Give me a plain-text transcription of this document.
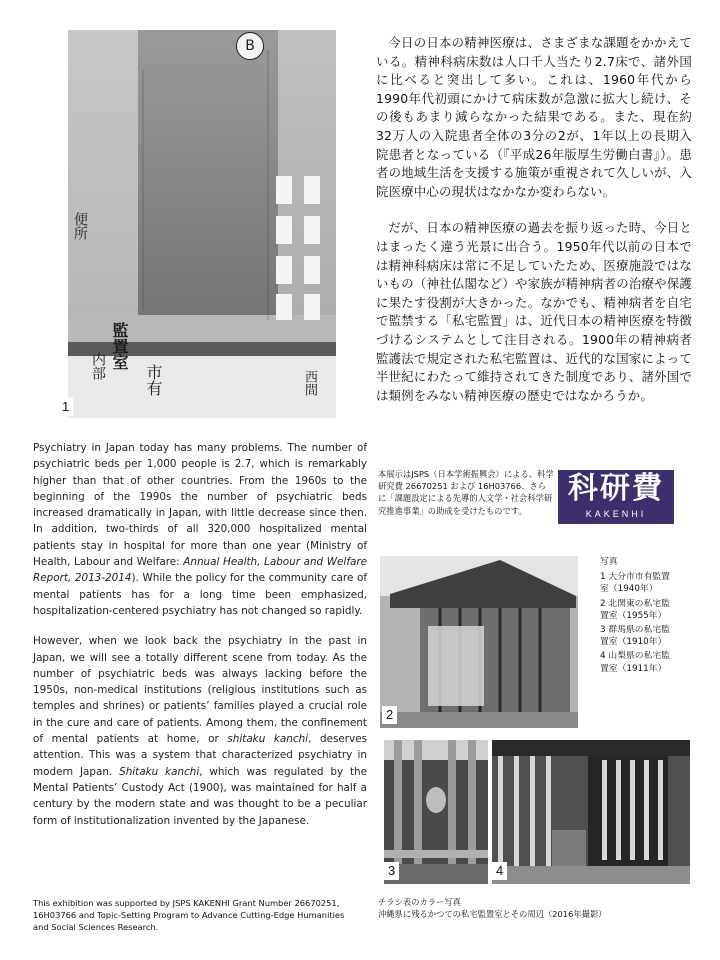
B
便所
監置室
内部 市有	西間
1

今日の日本の精神医療は、さまざまな課題をかかえている。精神科病床数は人口千人当たり2.7床で、諸外国に比べると突出して多い。これは、1960年代から1990年代初頭にかけて病床数が急激に拡大し続け、その後もあまり減らなかった結果である。また、現在約32万人の入院患者全体の3分の2が、1年以上の長期入院患者となっている（『平成26年版厚生労働白書』）。患者の地域生活を支援する施策が重視されて久しいが、入院医療中心の現状はなかなか変わらない。

だが、日本の精神医療の過去を振り返った時、今日とはまったく違う光景に出合う。1950年代以前の日本では精神科病床は常に不足していたため、医療施設ではないもの（神社仏閣など）や家族が精神病者の治療や保護に果たす役割が大きかった。なかでも、精神病者を自宅で監禁する「私宅監置」は、近代日本の精神医療を特徴づけるシステムとして注目される。1900年の精神病者監護法で規定された私宅監置は、近代的な国家によって半世紀にわたって維持されてきた制度であり、諸外国では類例をみない精神医療の歴史ではなかろうか。

Psychiatry in Japan today has many problems. The number of psychiatric beds per 1,000 people is 2.7, which is remarkably higher than that of other countries. From the 1960s to the beginning of the 1990s the number of psychiatric beds increased dramatically in Japan, with little decrease since then. In addition, two-thirds of all 320,000 hospitalized mental patients stay in hospital for more than one year (Ministry of Health, Labour and Welfare: Annual Health, Labour and Welfare Report, 2013-2014). While the policy for the community care of mental patients has for a long time been emphasized, hospitalization-centered psychiatry has not changed so rapidly.

However, when we look back the psychiatry in the past in Japan, we will see a totally different scene from today. As the number of psychiatric beds was always lacking before the 1950s, non-medical institutions (religious institutions such as temples and shrines) or patients’ families played a crucial role in the cure and care of patients. Among them, the confinement of mental patients at home, or shitaku kanchi, deserves attention. This was a system that characterized psychiatry in modern Japan. Shitaku kanchi, which was regulated by the Mental Patients’ Custody Act (1900), was maintained for half a century by the modern state and was thought to be a peculiar form of institutionalization invented by the Japanese.

This exhibition was supported by JSPS KAKENHI Grant Number 26670251, 16H03766 and Topic-Setting Program to Advance Cutting-Edge Humanities and Social Sciences Research.
本展示はJSPS（日本学術振興会）による、科学研究費 26670251 および 16H03766、さらに「課題設定による先導的人文学・社会科学研究推進事業」の助成を受けたものです。
科研費
KAKENHI
2
写真
1 大分市市有監置室（1940年）
2 北関東の私宅監置室（1955年）
3 群馬県の私宅監置室（1910年）
4 山梨県の私宅監置室（1911年）
3	4
チラシ表のカラー写真
沖縄県に残るかつての私宅監置室とその周辺（2016年撮影）
